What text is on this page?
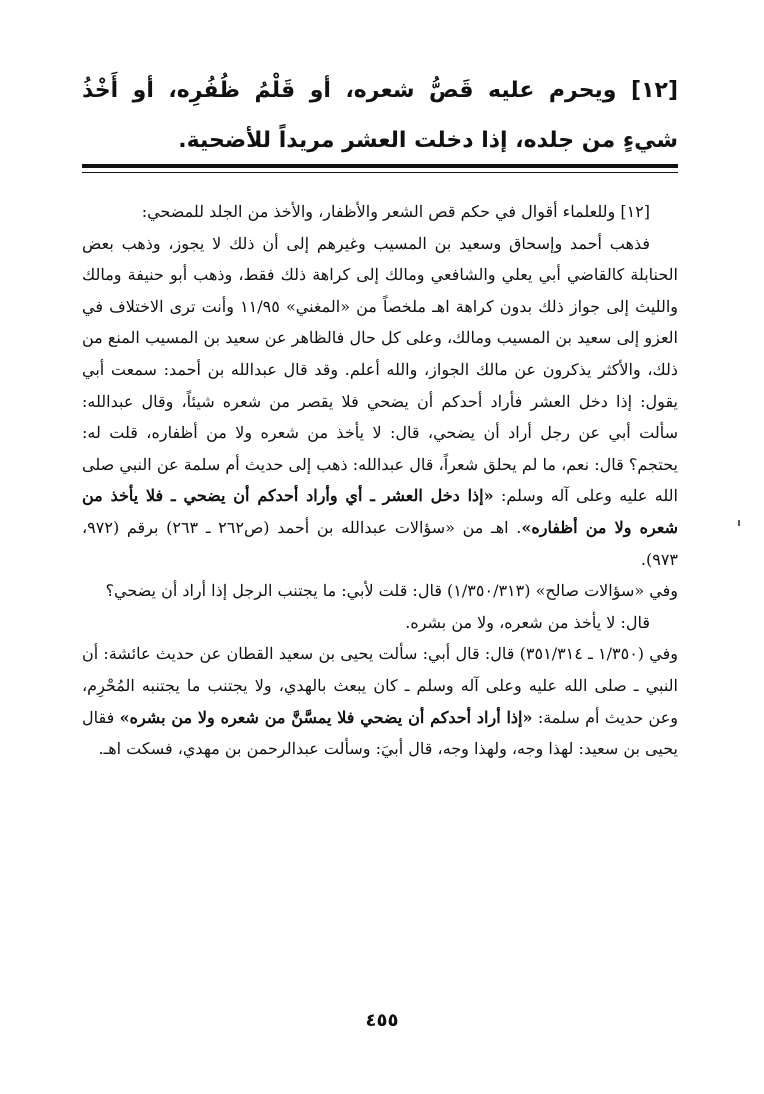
[١٢] ويحرم عليه قَصُّ شعره، أو قَلْمُ ظُفُرِه، أو أَخْذُ شيءٍ من جلده، إذا دخلت العشر مريداً للأضحية.

[١٢] وللعلماء أقوال في حكم قص الشعر والأظفار، والأخذ من الجلد للمضحي:

فذهب أحمد وإسحاق وسعيد بن المسيب وغيرهم إلى أن ذلك لا يجوز، وذهب بعض الحنابلة كالقاضي أبي يعلي والشافعي ومالك إلى كراهة ذلك فقط، وذهب أبو حنيفة ومالك والليث إلى جواز ذلك بدون كراهة اهـ ملخصاً من «المغني» ١١/٩٥ وأنت ترى الاختلاف في العزو إلى سعيد بن المسيب ومالك، وعلى كل حال فالظاهر عن سعيد بن المسيب المنع من ذلك، والأكثر يذكرون عن مالك الجواز، والله أعلم. وقد قال عبدالله بن أحمد: سمعت أبي يقول: إذا دخل العشر فأراد أحدكم أن يضحي فلا يقصر من شعره شيئاً، وقال عبدالله: سألت أبي عن رجل أراد أن يضحي، قال: لا يأخذ من شعره ولا من أظفاره، قلت له: يحتجم؟ قال: نعم، ما لم يحلق شعراً، قال عبدالله: ذهب إلى حديث أم سلمة عن النبي صلى الله عليه وعلى آله وسلم: «إذا دخل العشر ـ أي وأراد أحدكم أن يضحي ـ فلا يأخذ من شعره ولا من أظفاره». اهـ من «سؤالات عبدالله بن أحمد (ص٢٦٢ ـ ٢٦٣) برقم (٩٧٢، ٩٧٣).

وفي «سؤالات صالح» (١/٣٥٠/٣١٣) قال: قلت لأبي: ما يجتنب الرجل إذا أراد أن يضحي؟

قال: لا يأخذ من شعره، ولا من بشره.

وفي (١/٣٥٠ ـ ٣٥١/٣١٤) قال: قال أبي: سألت يحيى بن سعيد القطان عن حديث عائشة: أن النبي ـ صلى الله عليه وعلى آله وسلم ـ كان يبعث بالهدي، ولا يجتنب ما يجتنبه المُحْرِم، وعن حديث أم سلمة: «إذا أراد أحدكم أن يضحي فلا يمسَّنَّ من شعره ولا من بشره» فقال يحيى بن سعيد: لهذا وجه، ولهذا وجه، قال أبيَ: وسألت عبدالرحمن بن مهدي، فسكت اهـ.

٤٥٥
